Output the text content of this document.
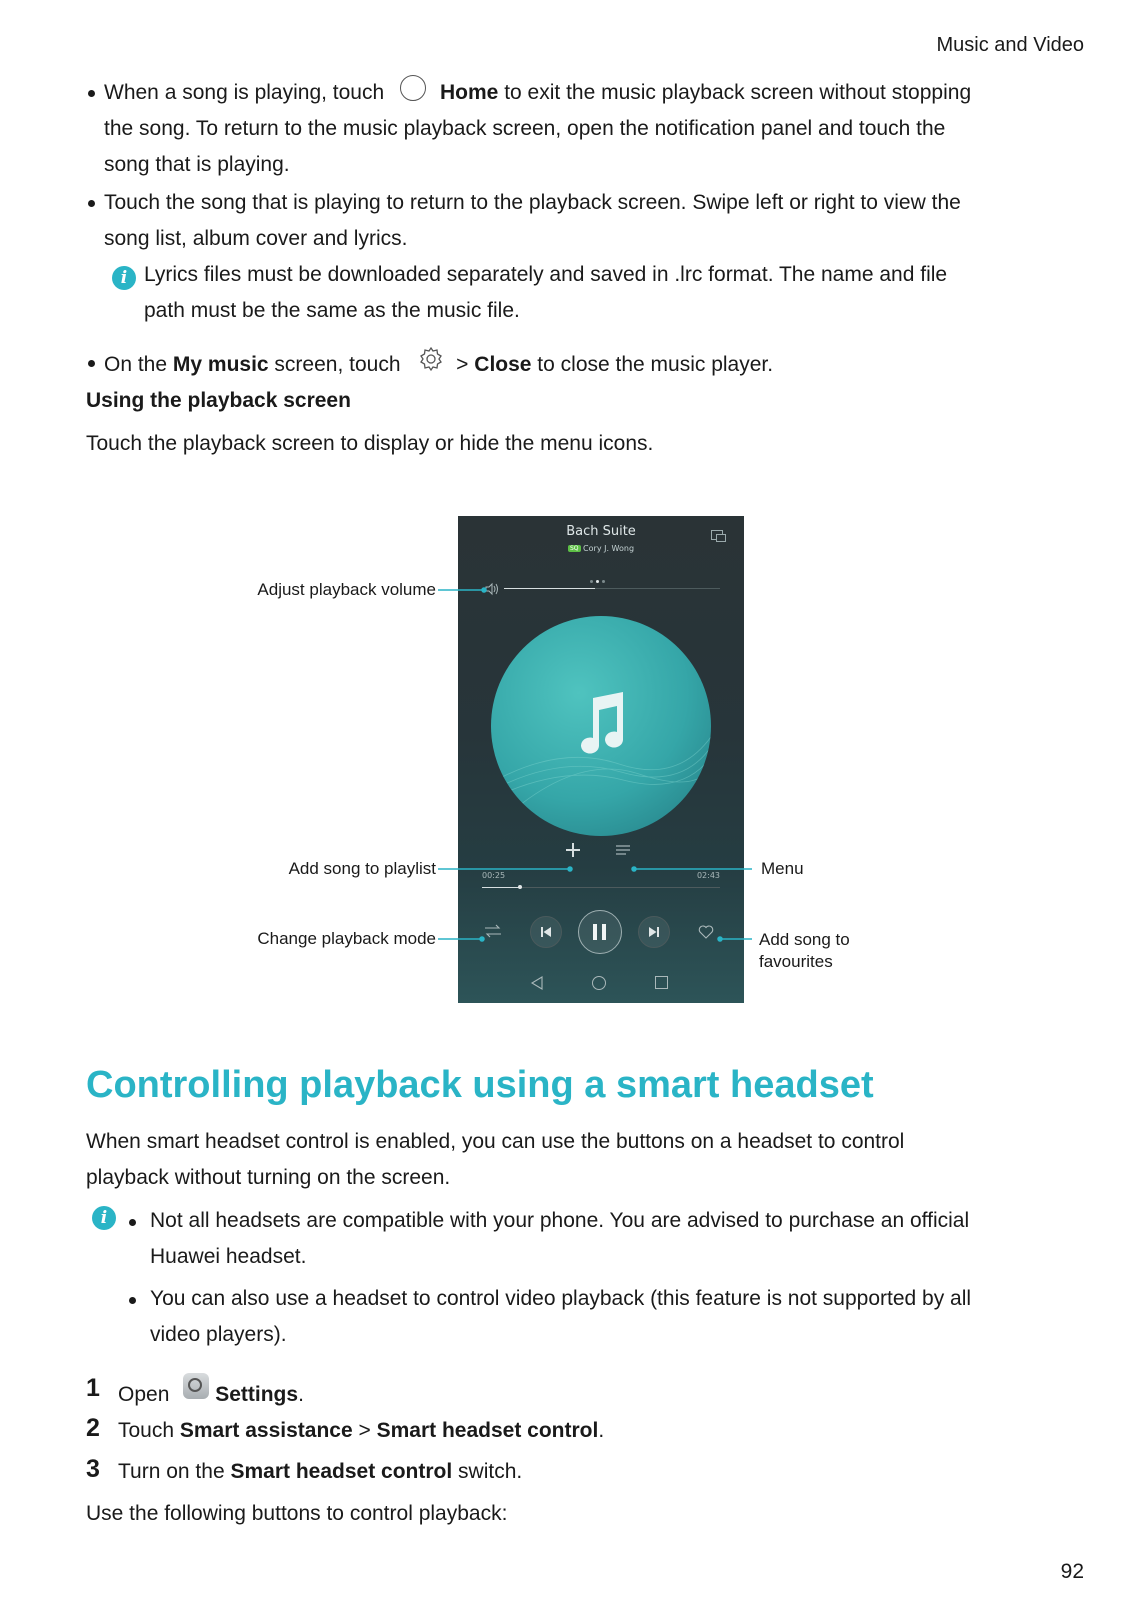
Music and Video
When a song is playing, touch	Home to exit the music playback screen without stopping
the song. To return to the music playback screen, open the notification panel and touch the
song that is playing.
Touch the song that is playing to return to the playback screen. Swipe left or right to view the
song list, album cover and lyrics.
i Lyrics files must be downloaded separately and saved in .lrc format. The name and file
path must be the same as the music file.
On the My music screen, touch  > Close to close the music player.
Using the playback screen
Touch the playback screen to display or hide the menu icons.
Bach Suite
SQ Cory J. Wong
00:25	02:43
Adjust playback volume
Add song to playlist
Change playback mode
Menu
Add song to
favourites
Controlling playback using a smart headset
When smart headset control is enabled, you can use the buttons on a headset to control
playback without turning on the screen.
i	Not all headsets are compatible with your phone. You are advised to purchase an official
Huawei headset.
You can also use a headset to control video playback (this feature is not supported by all
video players).
1 Open
Settings.
2 Touch Smart assistance > Smart headset control.
3 Turn on the Smart headset control switch.
Use the following buttons to control playback:
92
